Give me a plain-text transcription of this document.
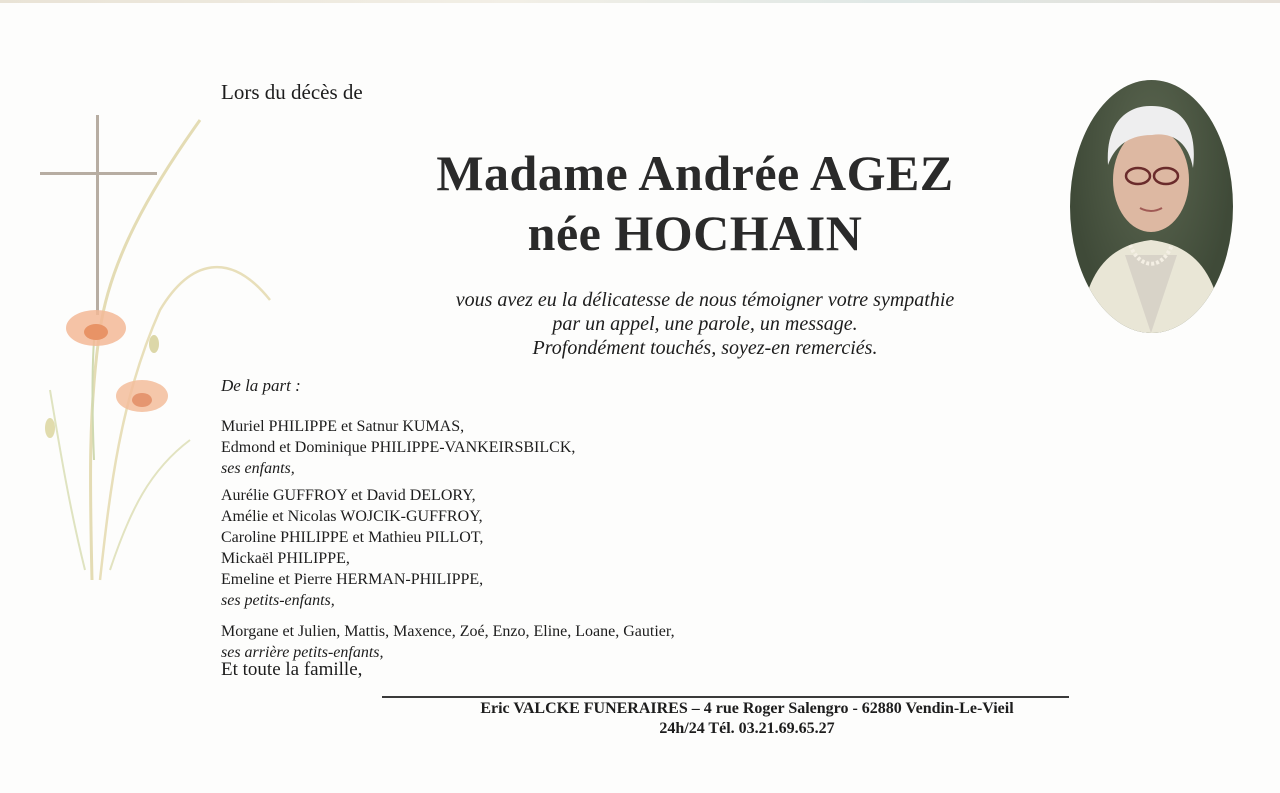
Lors du décès de
Madame Andrée AGEZ
née HOCHAIN
vous avez eu la délicatesse de nous témoigner votre sympathie
par un appel, une parole, un message.
Profondément touchés, soyez-en remerciés.
De la part :
Muriel PHILIPPE et Satnur KUMAS,
Edmond et Dominique PHILIPPE-VANKEIRSBILCK,
ses enfants,
Aurélie GUFFROY et David DELORY,
Amélie et Nicolas WOJCIK-GUFFROY,
Caroline PHILIPPE et Mathieu PILLOT,
Mickaël PHILIPPE,
Emeline et Pierre HERMAN-PHILIPPE,
ses petits-enfants,
Morgane et Julien, Mattis, Maxence, Zoé, Enzo, Eline, Loane, Gautier,
ses arrière petits-enfants,
Et toute la famille,
Eric VALCKE FUNERAIRES – 4 rue Roger Salengro - 62880 Vendin-Le-Vieil
24h/24 Tél. 03.21.69.65.27
